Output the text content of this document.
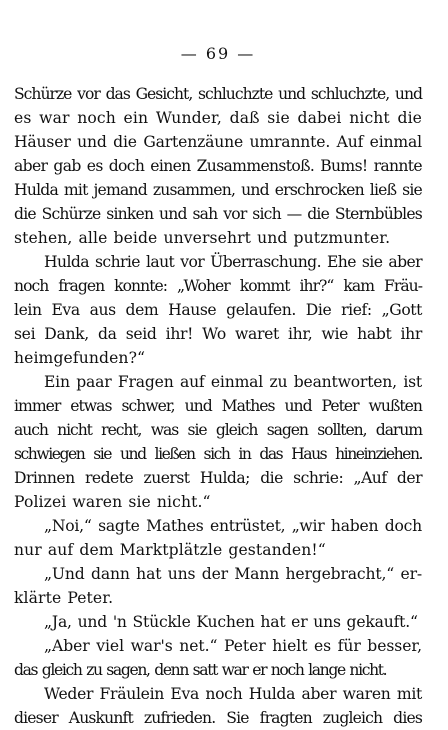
— 69 —
Schürze vor das Gesicht, schluchzte und schluchzte, und
es war noch ein Wunder, daß sie dabei nicht die
Häuser und die Gartenzäune umrannte. Auf einmal
aber gab es doch einen Zusammenstoß. Bums! rannte
Hulda mit jemand zusammen, und erschrocken ließ sie
die Schürze sinken und sah vor sich — die Sternbübles
stehen, alle beide unversehrt und putzmunter.
Hulda schrie laut vor Überraschung. Ehe sie aber
noch fragen konnte: „Woher kommt ihr?“ kam Fräu-
lein Eva aus dem Hause gelaufen. Die rief: „Gott
sei Dank, da seid ihr! Wo waret ihr, wie habt ihr
heimgefunden?“
Ein paar Fragen auf einmal zu beantworten, ist
immer etwas schwer, und Mathes und Peter wußten
auch nicht recht, was sie gleich sagen sollten, darum
schwiegen sie und ließen sich in das Haus hineinziehen.
Drinnen redete zuerst Hulda; die schrie: „Auf der
Polizei waren sie nicht.“
„Noi,“ sagte Mathes entrüstet, „wir haben doch
nur auf dem Marktplätzle gestanden!“
„Und dann hat uns der Mann hergebracht,“ er-
klärte Peter.
„Ja, und 'n Stückle Kuchen hat er uns gekauft.“
„Aber viel war's net.“ Peter hielt es für besser,
das gleich zu sagen, denn satt war er noch lange nicht.
Weder Fräulein Eva noch Hulda aber waren mit
dieser Auskunft zufrieden. Sie fragten zugleich dies
